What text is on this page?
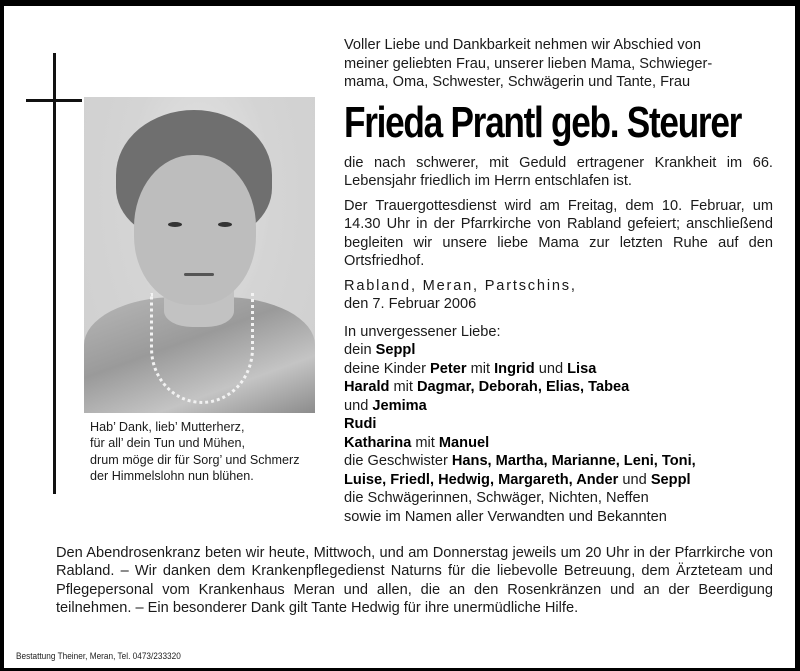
Hab’ Dank, lieb’ Mutterherz,
für all’ dein Tun und Mühen,
drum möge dir für Sorg’ und Schmerz
der Himmelslohn nun blühen.
Voller Liebe und Dankbarkeit nehmen wir Abschied von
meiner geliebten Frau, unserer lieben Mama, Schwieger-
mama, Oma, Schwester, Schwägerin und Tante, Frau
Frieda Prantl geb. Steurer

die nach schwerer, mit Geduld ertragener Krankheit im 66. Lebensjahr friedlich im Herrn entschlafen ist.

Der Trauergottesdienst wird am Freitag, dem 10. Februar, um 14.30 Uhr in der Pfarrkirche von Rabland gefeiert; anschließend begleiten wir unsere liebe Mama zur letzten Ruhe auf den Ortsfriedhof.

Rabland, Meran, Partschins,

den 7. Februar 2006

In unvergessener Liebe:

dein Seppl
deine Kinder Peter mit Ingrid und Lisa
Harald mit Dagmar, Deborah, Elias, Tabea
und Jemima
Rudi
Katharina mit Manuel
die Geschwister Hans, Martha, Marianne, Leni, Toni,
Luise, Friedl, Hedwig, Margareth, Ander und Seppl
die Schwägerinnen, Schwäger, Nichten, Neffen
sowie im Namen aller Verwandten und Bekannten
Den Abendrosenkranz beten wir heute, Mittwoch, und am Donnerstag jeweils um 20 Uhr in der Pfarrkirche von Rabland. – Wir danken dem Krankenpflegedienst Naturns für die liebevolle Betreuung, dem Ärzteteam und Pflegepersonal vom Krankenhaus Meran und allen, die an den Rosenkränzen und an der Beerdigung teilnehmen. – Ein besonderer Dank gilt Tante Hedwig für ihre unermüdliche Hilfe.
Bestattung Theiner, Meran, Tel. 0473/233320
